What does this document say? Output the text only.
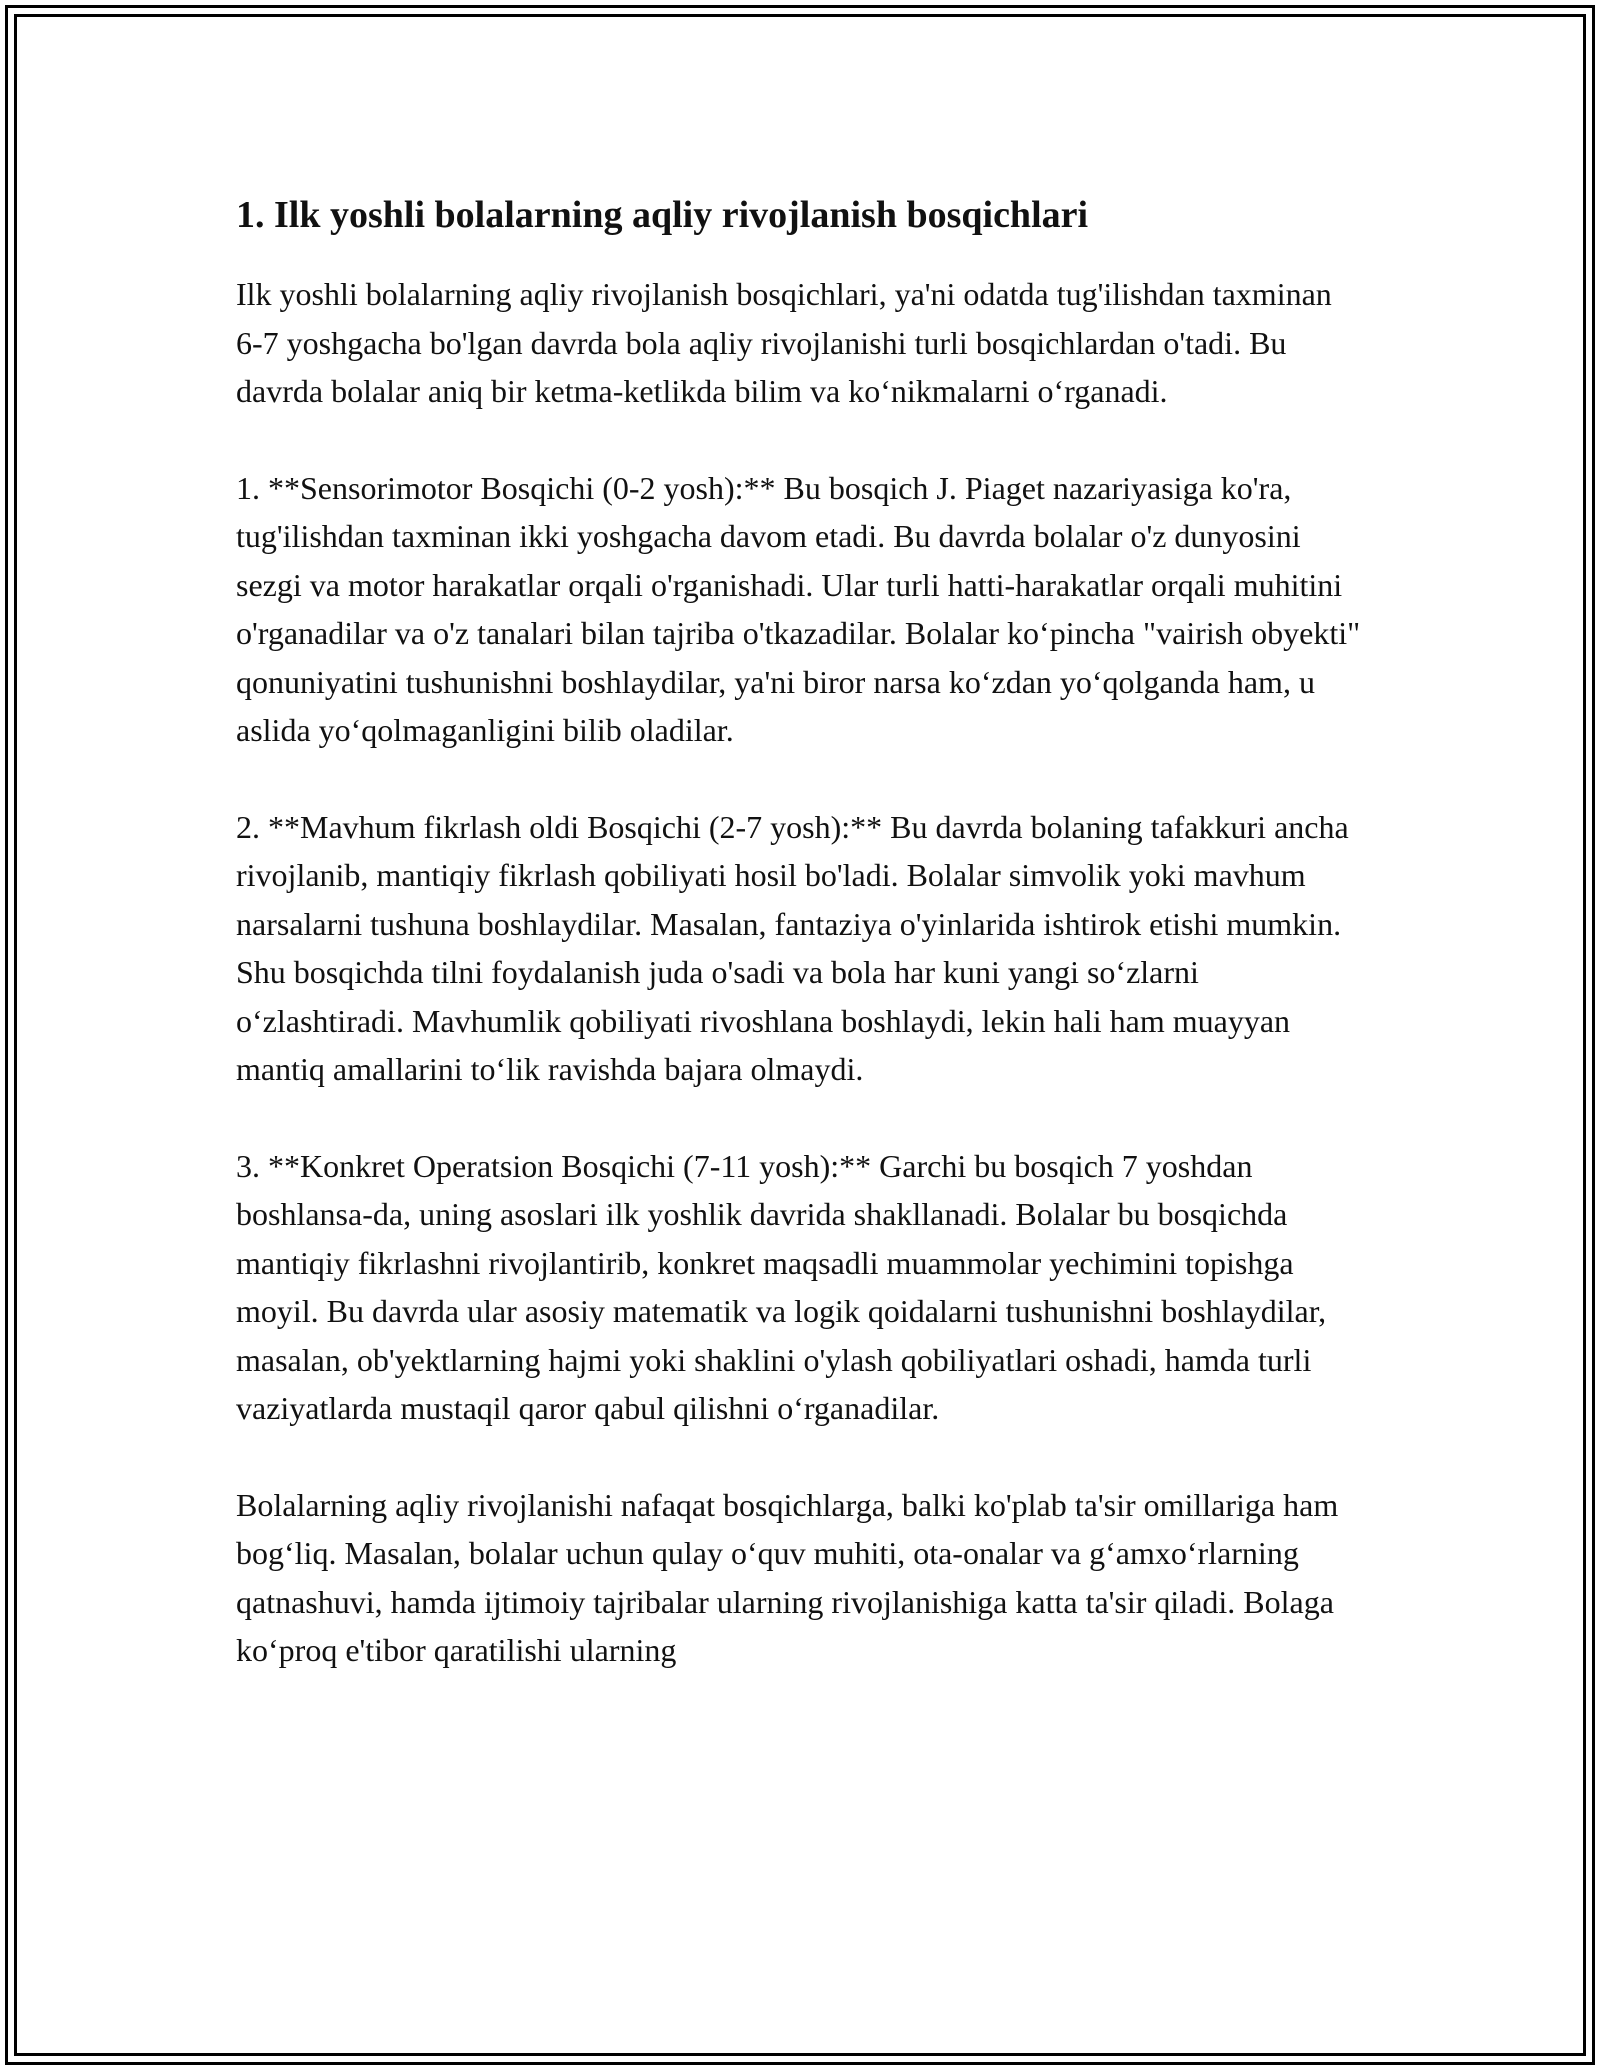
1. Ilk yoshli bolalarning aqliy rivojlanish bosqichlari

Ilk yoshli bolalarning aqliy rivojlanish bosqichlari, ya'ni odatda tug'ilishdan taxminan 6-7 yoshgacha bo'lgan davrda bola aqliy rivojlanishi turli bosqichlardan o'tadi. Bu davrda bolalar aniq bir ketma-ketlikda bilim va ko‘nikmalarni o‘rganadi.

1. **Sensorimotor Bosqichi (0-2 yosh):** Bu bosqich J. Piaget nazariyasiga ko'ra, tug'ilishdan taxminan ikki yoshgacha davom etadi. Bu davrda bolalar o'z dunyosini sezgi va motor harakatlar orqali o'rganishadi. Ular turli hatti-harakatlar orqali muhitini o'rganadilar va o'z tanalari bilan tajriba o'tkazadilar. Bolalar ko‘pincha "vairish obyekti" qonuniyatini tushunishni boshlaydilar, ya'ni biror narsa ko‘zdan yo‘qolganda ham, u aslida yo‘qolmaganligini bilib oladilar.

2. **Mavhum fikrlash oldi Bosqichi (2-7 yosh):** Bu davrda bolaning tafakkuri ancha rivojlanib, mantiqiy fikrlash qobiliyati hosil bo'ladi. Bolalar simvolik yoki mavhum narsalarni tushuna boshlaydilar. Masalan, fantaziya o'yinlarida ishtirok etishi mumkin. Shu bosqichda tilni foydalanish juda o'sadi va bola har kuni yangi so‘zlarni o‘zlashtiradi. Mavhumlik qobiliyati rivoshlana boshlaydi, lekin hali ham muayyan mantiq amallarini to‘lik ravishda bajara olmaydi.

3. **Konkret Operatsion Bosqichi (7-11 yosh):** Garchi bu bosqich 7 yoshdan boshlansa-da, uning asoslari ilk yoshlik davrida shakllanadi. Bolalar bu bosqichda mantiqiy fikrlashni rivojlantirib, konkret maqsadli muammolar yechimini topishga moyil. Bu davrda ular asosiy matematik va logik qoidalarni tushunishni boshlaydilar, masalan, ob'yektlarning hajmi yoki shaklini o'ylash qobiliyatlari oshadi, hamda turli vaziyatlarda mustaqil qaror qabul qilishni o‘rganadilar.

Bolalarning aqliy rivojlanishi nafaqat bosqichlarga, balki ko'plab ta'sir omillariga ham bog‘liq. Masalan, bolalar uchun qulay o‘quv muhiti, ota-onalar va g‘amxo‘rlarning qatnashuvi, hamda ijtimoiy tajribalar ularning rivojlanishiga katta ta'sir qiladi. Bolaga ko‘proq e'tibor qaratilishi ularning
